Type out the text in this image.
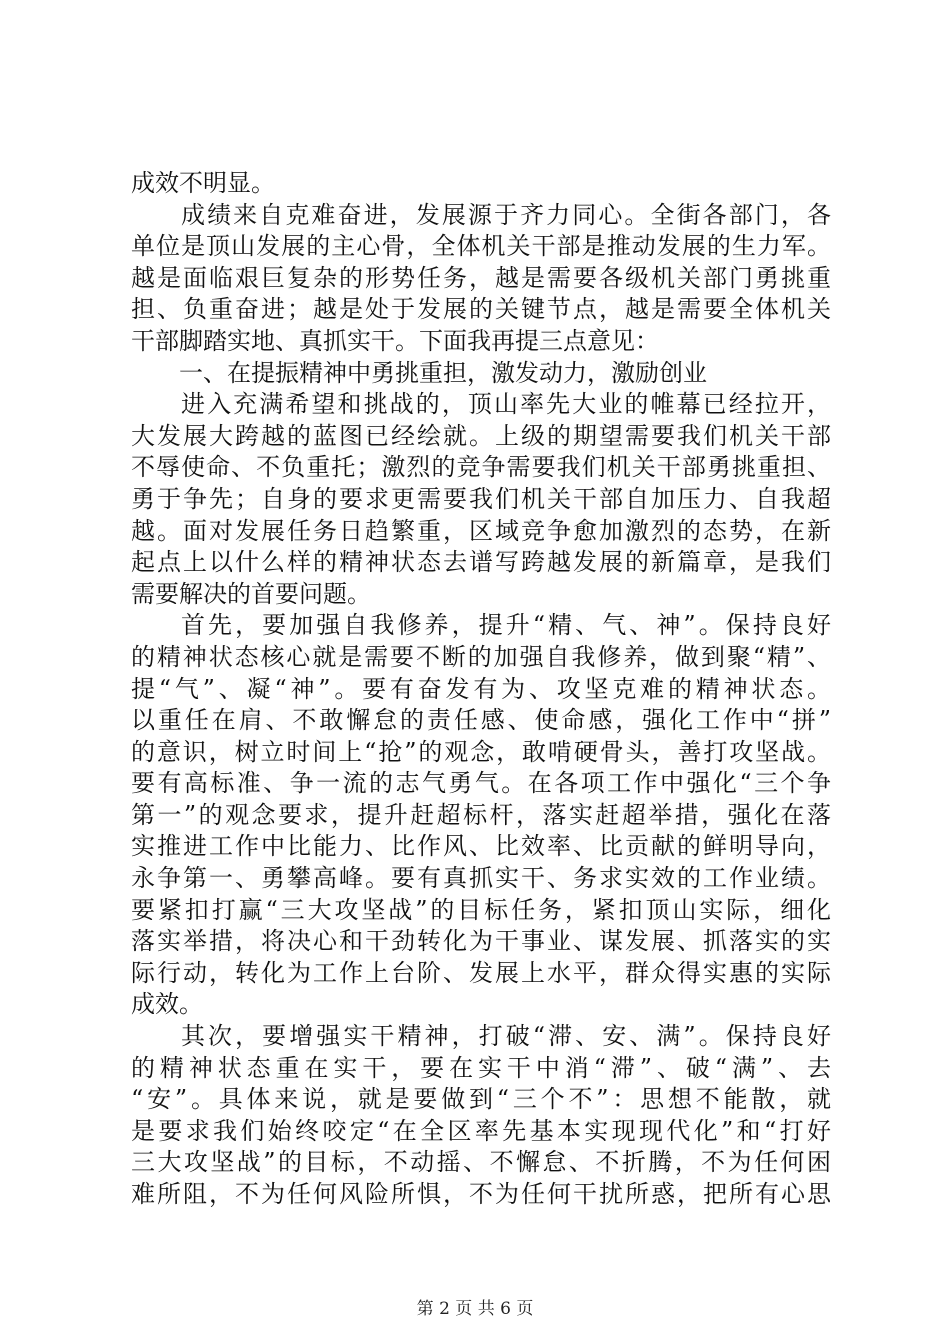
成效不明显。
成绩来自克难奋进，发展源于齐力同心。全街各部门，各
单位是顶山发展的主心骨，全体机关干部是推动发展的生力军。
越是面临艰巨复杂的形势任务，越是需要各级机关部门勇挑重
担、负重奋进；越是处于发展的关键节点，越是需要全体机关
干部脚踏实地、真抓实干。下面我再提三点意见：
一、在提振精神中勇挑重担，激发动力，激励创业
进入充满希望和挑战的，顶山率先大业的帷幕已经拉开，
大发展大跨越的蓝图已经绘就。上级的期望需要我们机关干部
不辱使命、不负重托；激烈的竞争需要我们机关干部勇挑重担、
勇于争先；自身的要求更需要我们机关干部自加压力、自我超
越。面对发展任务日趋繁重，区域竞争愈加激烈的态势，在新
起点上以什么样的精神状态去谱写跨越发展的新篇章，是我们
需要解决的首要问题。
首先，要加强自我修养，提升“精、气、神”。保持良好
的精神状态核心就是需要不断的加强自我修养，做到聚“精”、
提“气”、凝“神”。要有奋发有为、攻坚克难的精神状态。
以重任在肩、不敢懈怠的责任感、使命感，强化工作中“拼”
的意识，树立时间上“抢”的观念，敢啃硬骨头，善打攻坚战。
要有高标准、争一流的志气勇气。在各项工作中强化“三个争
第一”的观念要求，提升赶超标杆，落实赶超举措，强化在落
实推进工作中比能力、比作风、比效率、比贡献的鲜明导向，
永争第一、勇攀高峰。要有真抓实干、务求实效的工作业绩。
要紧扣打赢“三大攻坚战”的目标任务，紧扣顶山实际，细化
落实举措，将决心和干劲转化为干事业、谋发展、抓落实的实
际行动，转化为工作上台阶、发展上水平，群众得实惠的实际
成效。
其次，要增强实干精神，打破“滞、安、满”。保持良好
的精神状态重在实干，要在实干中消“滞”、破“满”、去
“安”。具体来说，就是要做到“三个不”：思想不能散，就
是要求我们始终咬定“在全区率先基本实现现代化”和“打好
三大攻坚战”的目标，不动摇、不懈怠、不折腾，不为任何困
难所阻，不为任何风险所惧，不为任何干扰所惑，把所有心思
第 2 页 共 6 页
